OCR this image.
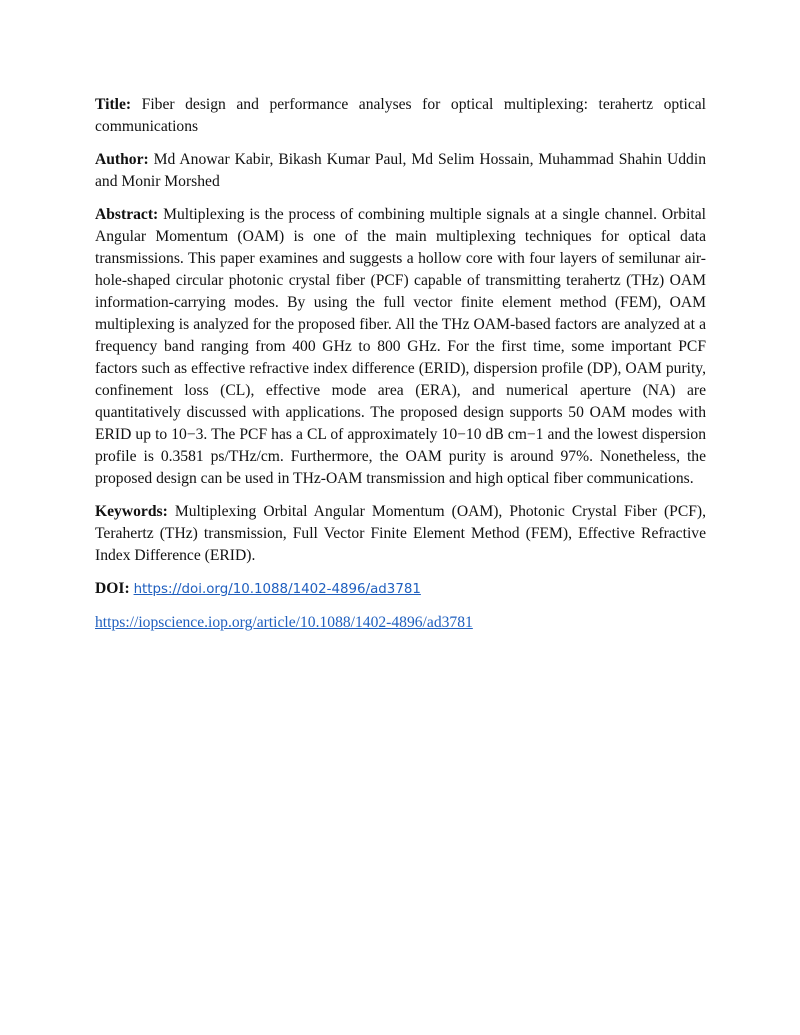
Title: Fiber design and performance analyses for optical multiplexing: terahertz optical communications

Author: Md Anowar Kabir, Bikash Kumar Paul, Md Selim Hossain, Muhammad Shahin Uddin and Monir Morshed

Abstract: Multiplexing is the process of combining multiple signals at a single channel. Orbital Angular Momentum (OAM) is one of the main multiplexing techniques for optical data transmissions. This paper examines and suggests a hollow core with four layers of semilunar air-hole-shaped circular photonic crystal fiber (PCF) capable of transmitting terahertz (THz) OAM information-carrying modes. By using the full vector finite element method (FEM), OAM multiplexing is analyzed for the proposed fiber. All the THz OAM-based factors are analyzed at a frequency band ranging from 400 GHz to 800 GHz. For the first time, some important PCF factors such as effective refractive index difference (ERID), dispersion profile (DP), OAM purity, confinement loss (CL), effective mode area (ERA), and numerical aperture (NA) are quantitatively discussed with applications. The proposed design supports 50 OAM modes with ERID up to 10−3. The PCF has a CL of approximately 10−10 dB cm−1 and the lowest dispersion profile is 0.3581 ps/THz/cm. Furthermore, the OAM purity is around 97%. Nonetheless, the proposed design can be used in THz-OAM transmission and high optical fiber communications.

Keywords: Multiplexing Orbital Angular Momentum (OAM), Photonic Crystal Fiber (PCF), Terahertz (THz) transmission, Full Vector Finite Element Method (FEM), Effective Refractive Index Difference (ERID).

DOI: https://doi.org/10.1088/1402-4896/ad3781

https://iopscience.iop.org/article/10.1088/1402-4896/ad3781
